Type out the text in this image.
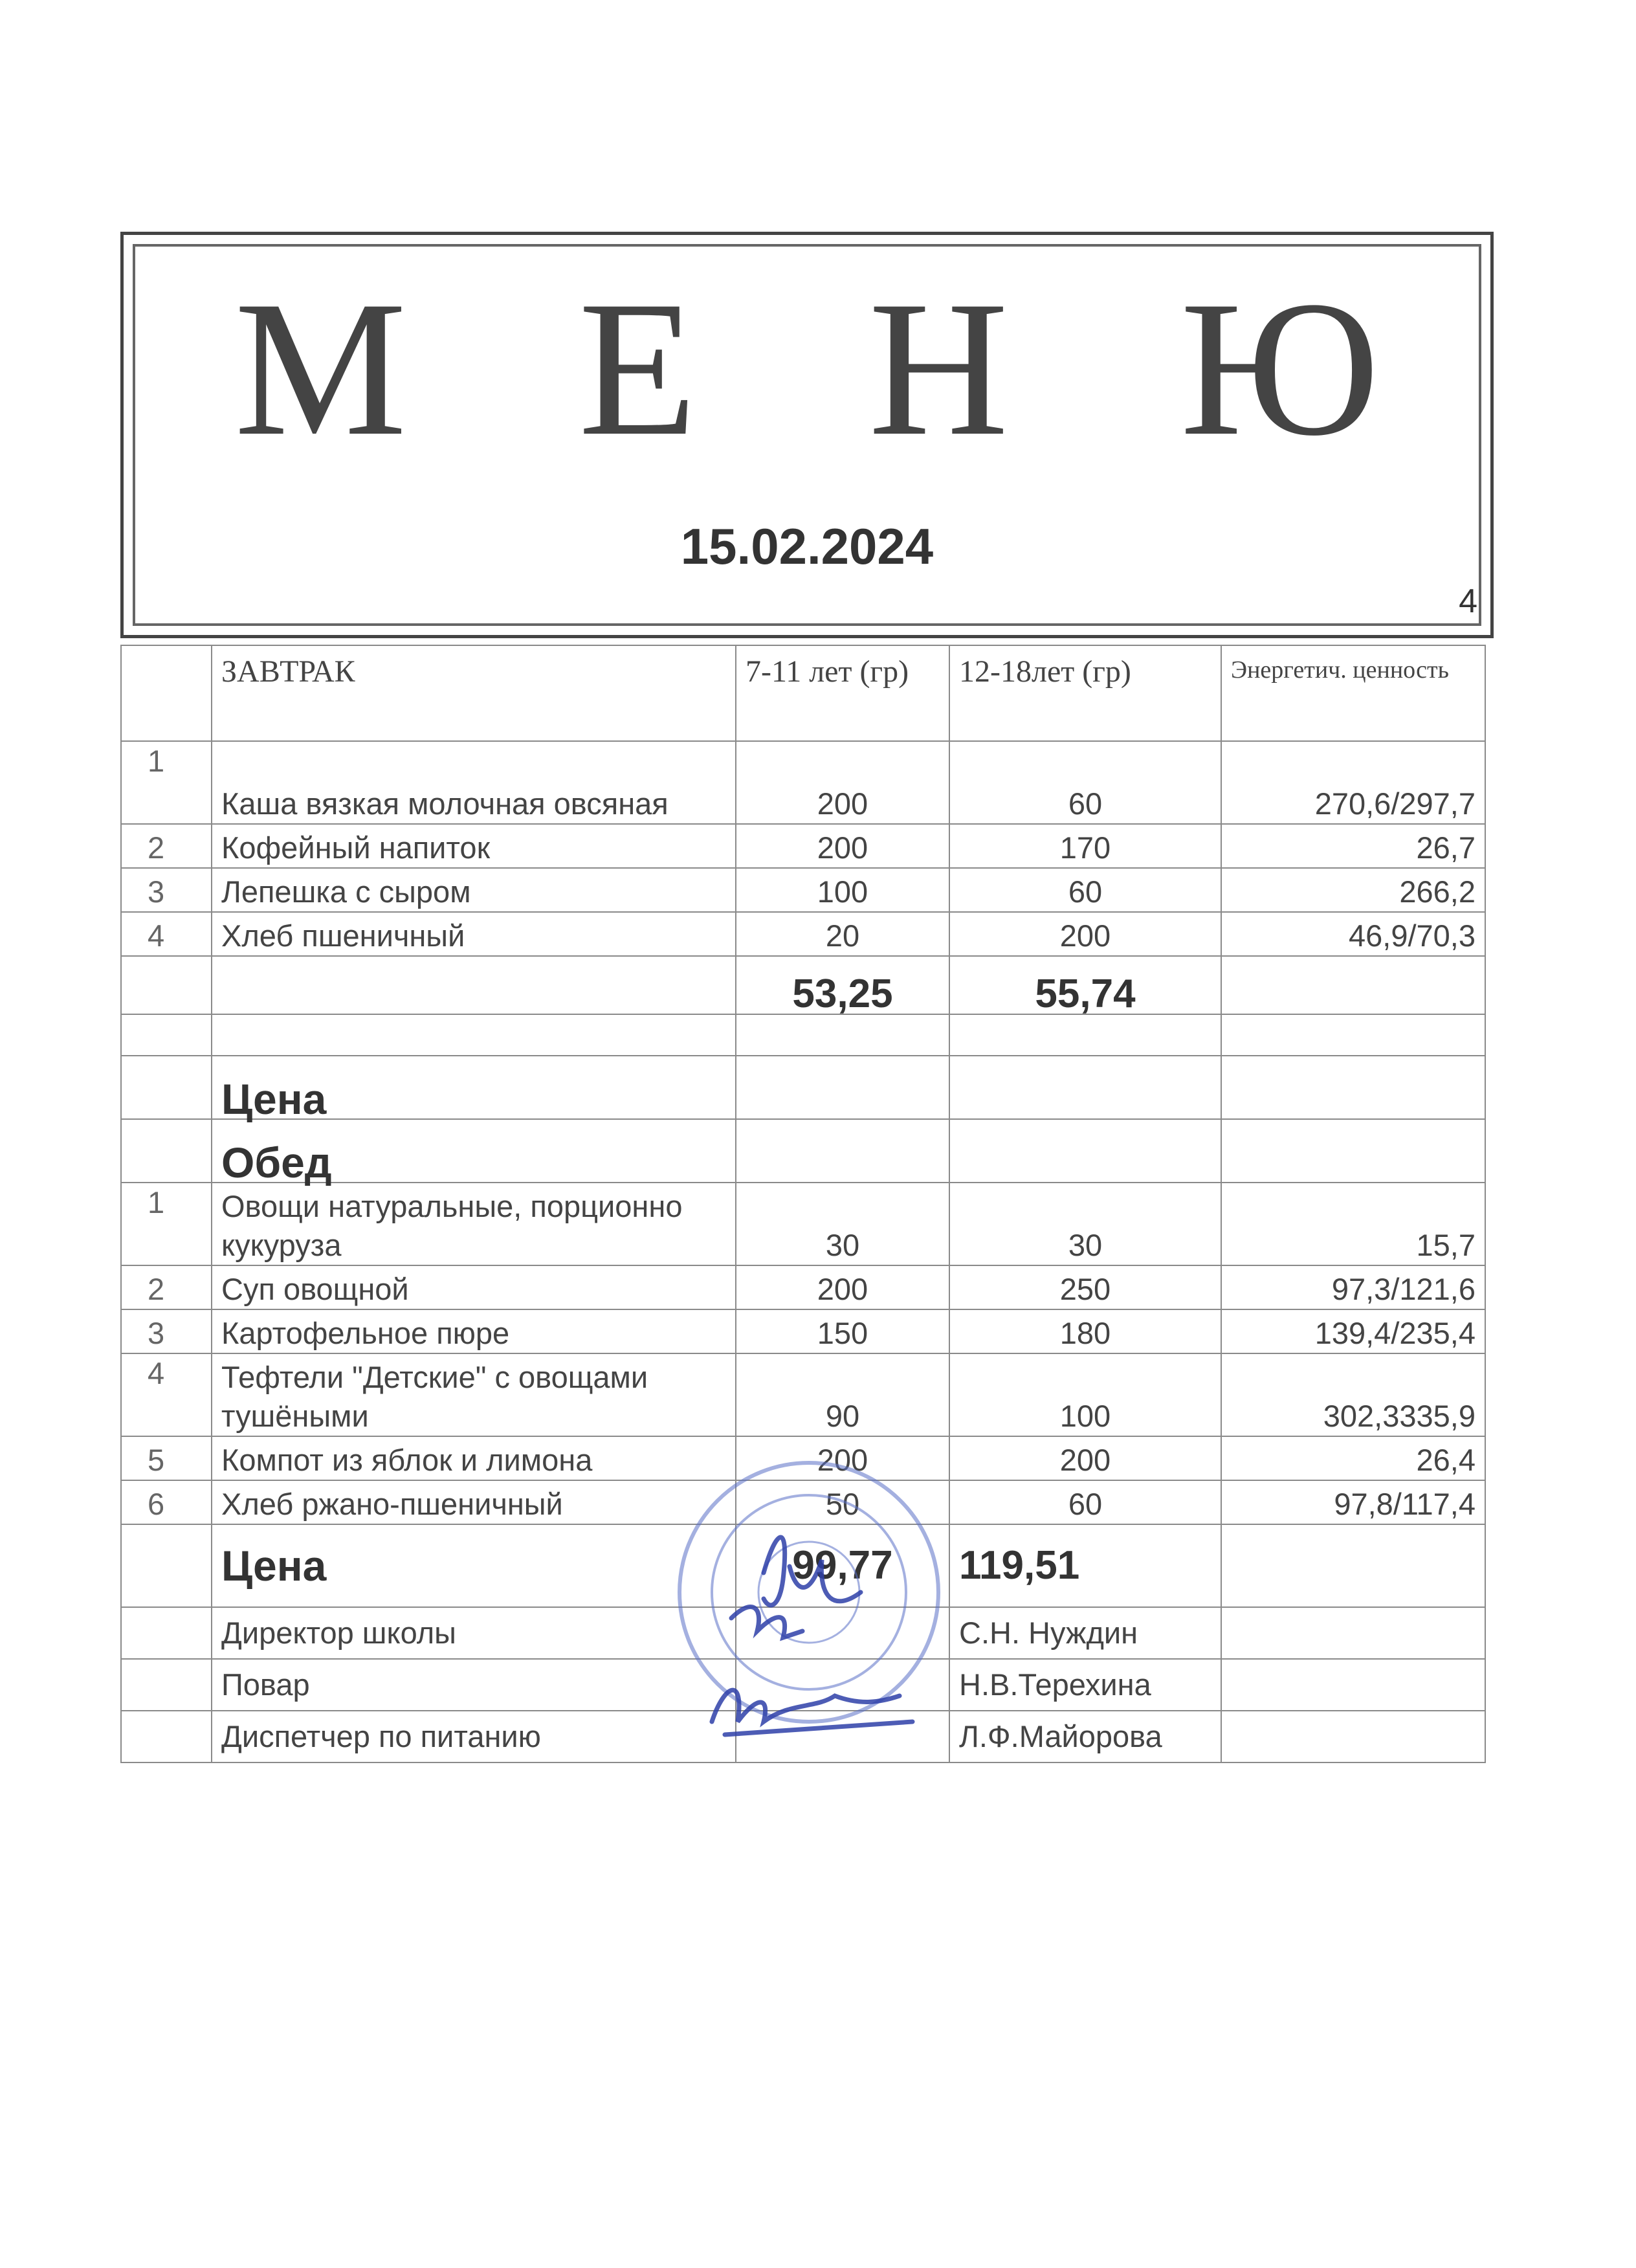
М Е Н Ю
15.02.2024
4
	ЗАВТРАК	7-11 лет (гр)	12-18лет (гр)	Энергетич. ценность
1	Каша вязкая молочная овсяная	200	60	270,6/297,7
2	Кофейный напиток	200	170	26,7
3	Лепешка с сыром	100	60	266,2
4	Хлеб пшеничный	20	200	46,9/70,3
		53,25	55,74	

	Цена			
	Обед			
1	Овощи натуральные, порционно кукуруза	30	30	15,7
2	Суп овощной	200	250	97,3/121,6
3	Картофельное пюре	150	180	139,4/235,4
4	Тефтели "Детские" с овощами тушёными	90	100	302,3335,9
5	Компот из яблок и лимона	200	200	26,4
6	Хлеб ржано-пшеничный	50	60	97,8/117,4
	Цена	99,77	119,51	
	Директор школы		С.Н. Нуждин	
	Повар		Н.В.Терехина	
	Диспетчер по питанию		Л.Ф.Майорова	
